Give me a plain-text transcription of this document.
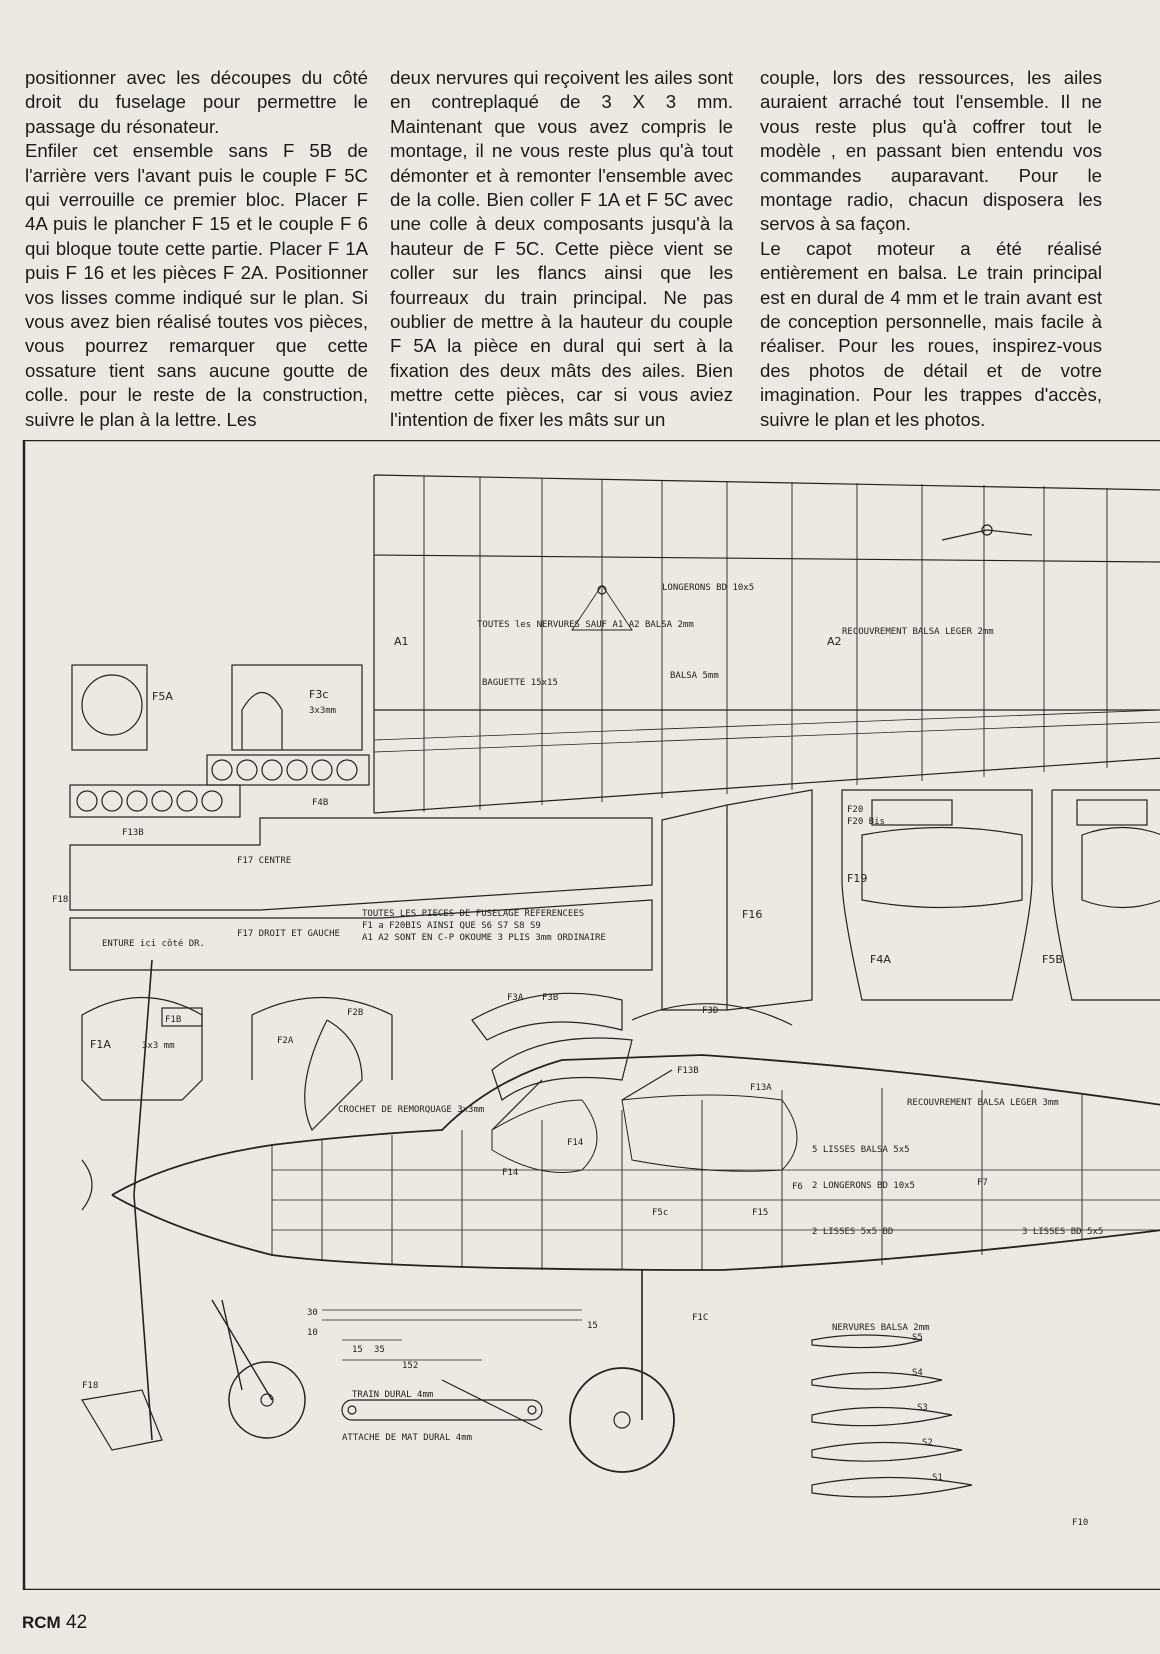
positionner avec les découpes du côté droit du fuselage pour permettre le passage du résonateur.

Enfiler cet ensemble sans F 5B de l'arrière vers l'avant puis le couple F 5C qui verrouille ce premier bloc. Placer F 4A puis le plancher F 15 et le couple F 6 qui bloque toute cette partie. Placer F 1A puis F 16 et les pièces F 2A. Positionner vos lisses comme indiqué sur le plan. Si vous avez bien réalisé toutes vos pièces, vous pourrez remarquer que cette ossature tient sans aucune goutte de colle. pour le reste de la construction, suivre le plan à la lettre. Les

deux nervures qui reçoivent les ailes sont en contreplaqué de 3 X 3 mm. Maintenant que vous avez compris le montage, il ne vous reste plus qu'à tout démonter et à remonter l'ensemble avec de la colle. Bien coller F 1A et F 5C avec une colle à deux composants jusqu'à la hauteur de F 5C. Cette pièce vient se coller sur les flancs ainsi que les fourreaux du train principal. Ne pas oublier de mettre à la hauteur du couple F 5A la pièce en dural qui sert à la fixation des deux mâts des ailes. Bien mettre cette pièces, car si vous aviez l'intention de fixer les mâts sur un

couple, lors des ressources, les ailes auraient arraché tout l'ensemble. Il ne vous reste plus qu'à coffrer tout le modèle , en passant bien entendu vos commandes auparavant. Pour le montage radio, chacun disposera les servos à sa façon.

Le capot moteur a été réalisé entièrement en balsa. Le train principal est en dural de 4 mm et le train avant est de conception personnelle, mais facile à réaliser. Pour les roues, inspirez-vous des photos de détail et de votre imagination. Pour les trappes d'accès, suivre le plan et les photos.

A1	A2
LONGERONS BD 10x5
TOUTES les NERVURES SAUF A1 A2 BALSA 2mm
RECOUVREMENT BALSA LEGER 2mm
BAGUETTE 15x15
BALSA 5mm
F5A	F3c
3x3mm
F4B
F13B
F17 CENTRE
F18
F17 DROIT ET GAUCHE
ENTURE ici côté DR.
TOUTES LES PIECES DE FUSELAGE REFERENCEES
F1 a F20BIS AINSI QUE S6 S7 S8 S9
A1 A2 SONT EN C-P OKOUME 3 PLIS 3mm ORDINAIRE
F16
F20
F20 Bis
F19
F4A	F5B
F1B
F1A	3x3 mm
F2B
F2A
F3A F3B
F3D
CROCHET DE REMORQUAGE 3x3mm
F14
F14
F13B
F13A
F6	F7
F15
F5c
RECOUVREMENT BALSA LEGER 3mm
5 LISSES BALSA 5x5
2 LONGERONS BD 10x5
2 LISSES 5x5 BD	3 LISSES BD 5x5
NERVURES BALSA 2mm
S5
S4
S3
S2
S1
TRAIN DURAL 4mm
ATTACHE DE MAT DURAL 4mm
F10
F1C
F18
30
10
15 35
152
15
RCM 42
